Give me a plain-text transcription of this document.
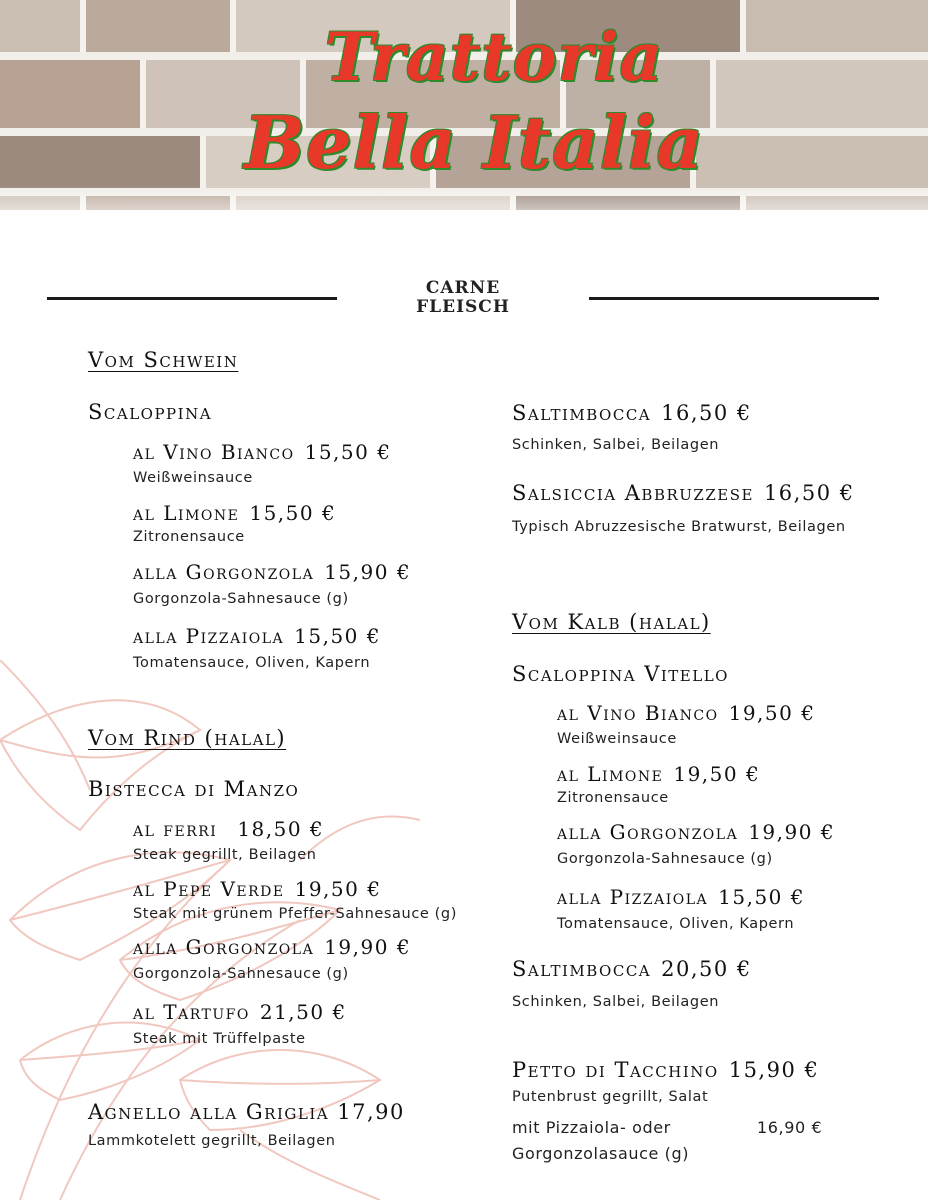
Trattoria
Bella Italia
CARNE
FLEISCH
Vom Schwein
Scaloppina
al Vino Bianco 15,50 €
Weißweinsauce
al Limone 15,50 €
Zitronensauce
alla Gorgonzola 15,90 €
Gorgonzola-Sahnesauce (g)
alla Pizzaiola 15,50 €
Tomatensauce, Oliven, Kapern
Vom Rind (halal)
Bistecca di Manzo
al ferri 18,50 €
Steak gegrillt, Beilagen
al Pepe Verde 19,50 €
Steak mit grünem Pfeffer-Sahnesauce (g)
alla Gorgonzola 19,90 €
Gorgonzola-Sahnesauce (g)
al Tartufo 21,50 €
Steak mit Trüffelpaste
Agnello alla Griglia 17,90
Lammkotelett gegrillt, Beilagen
Saltimbocca 16,50 €
Schinken, Salbei, Beilagen
Salsiccia Abbruzzese 16,50 €
Typisch Abruzzesische Bratwurst, Beilagen
Vom Kalb (halal)
Scaloppina Vitello
al Vino Bianco 19,50 €
Weißweinsauce
al Limone 19,50 €
Zitronensauce
alla Gorgonzola 19,90 €
Gorgonzola-Sahnesauce (g)
alla Pizzaiola 15,50 €
Tomatensauce, Oliven, Kapern
Saltimbocca 20,50 €
Schinken, Salbei, Beilagen
Petto di Tacchino 15,90 €
Putenbrust gegrillt, Salat
mit Pizzaiola- oder	16,90 €
Gorgonzolasauce (g)
